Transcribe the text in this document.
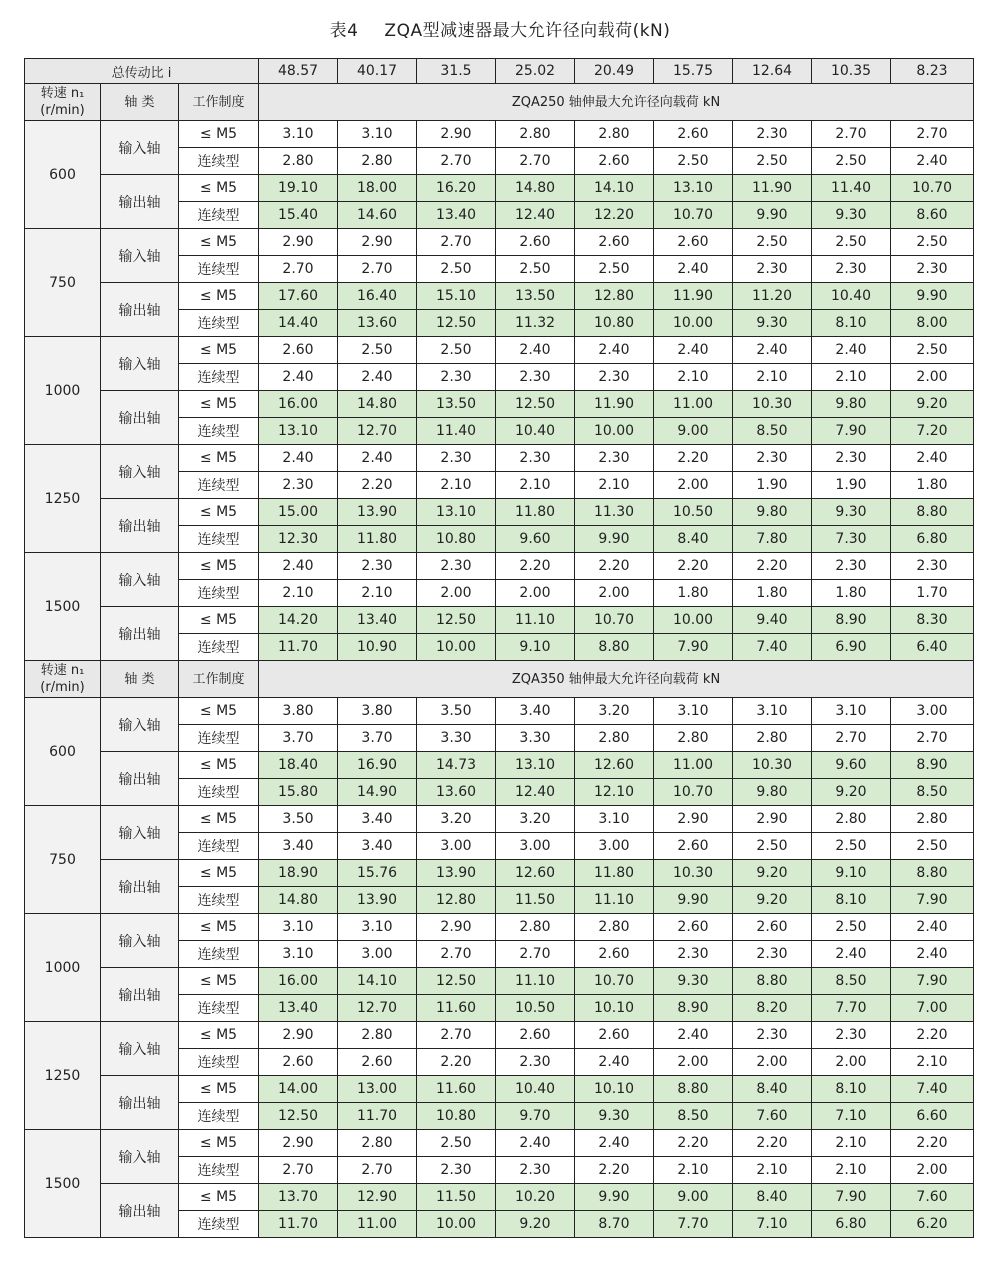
表4 ZQA型减速器最大允许径向载荷(kN)
总传动比 i			48.57	40.17	31.5	25.02	20.49	15.75	12.64	10.35	8.23
转速 n₁
(r/min)	轴 类	工作制度	ZQA250 轴伸最大允许径向载荷 kN								
600	输入轴	≤ M5	3.10	3.10	2.90	2.80	2.80	2.60	2.30	2.70	2.70
		连续型	2.80	2.80	2.70	2.70	2.60	2.50	2.50	2.50	2.40
	输出轴	≤ M5	19.10	18.00	16.20	14.80	14.10	13.10	11.90	11.40	10.70
		连续型	15.40	14.60	13.40	12.40	12.20	10.70	9.90	9.30	8.60
750	输入轴	≤ M5	2.90	2.90	2.70	2.60	2.60	2.60	2.50	2.50	2.50
		连续型	2.70	2.70	2.50	2.50	2.50	2.40	2.30	2.30	2.30
	输出轴	≤ M5	17.60	16.40	15.10	13.50	12.80	11.90	11.20	10.40	9.90
		连续型	14.40	13.60	12.50	11.32	10.80	10.00	9.30	8.10	8.00
1000	输入轴	≤ M5	2.60	2.50	2.50	2.40	2.40	2.40	2.40	2.40	2.50
		连续型	2.40	2.40	2.30	2.30	2.30	2.10	2.10	2.10	2.00
	输出轴	≤ M5	16.00	14.80	13.50	12.50	11.90	11.00	10.30	9.80	9.20
		连续型	13.10	12.70	11.40	10.40	10.00	9.00	8.50	7.90	7.20
1250	输入轴	≤ M5	2.40	2.40	2.30	2.30	2.30	2.20	2.30	2.30	2.40
		连续型	2.30	2.20	2.10	2.10	2.10	2.00	1.90	1.90	1.80
	输出轴	≤ M5	15.00	13.90	13.10	11.80	11.30	10.50	9.80	9.30	8.80
		连续型	12.30	11.80	10.80	9.60	9.90	8.40	7.80	7.30	6.80
1500	输入轴	≤ M5	2.40	2.30	2.30	2.20	2.20	2.20	2.20	2.30	2.30
		连续型	2.10	2.10	2.00	2.00	2.00	1.80	1.80	1.80	1.70
	输出轴	≤ M5	14.20	13.40	12.50	11.10	10.70	10.00	9.40	8.90	8.30
		连续型	11.70	10.90	10.00	9.10	8.80	7.90	7.40	6.90	6.40
转速 n₁
(r/min)	轴 类	工作制度	ZQA350 轴伸最大允许径向载荷 kN								
600	输入轴	≤ M5	3.80	3.80	3.50	3.40	3.20	3.10	3.10	3.10	3.00
		连续型	3.70	3.70	3.30	3.30	2.80	2.80	2.80	2.70	2.70
	输出轴	≤ M5	18.40	16.90	14.73	13.10	12.60	11.00	10.30	9.60	8.90
		连续型	15.80	14.90	13.60	12.40	12.10	10.70	9.80	9.20	8.50
750	输入轴	≤ M5	3.50	3.40	3.20	3.20	3.10	2.90	2.90	2.80	2.80
		连续型	3.40	3.40	3.00	3.00	3.00	2.60	2.50	2.50	2.50
	输出轴	≤ M5	18.90	15.76	13.90	12.60	11.80	10.30	9.20	9.10	8.80
		连续型	14.80	13.90	12.80	11.50	11.10	9.90	9.20	8.10	7.90
1000	输入轴	≤ M5	3.10	3.10	2.90	2.80	2.80	2.60	2.60	2.50	2.40
		连续型	3.10	3.00	2.70	2.70	2.60	2.30	2.30	2.40	2.40
	输出轴	≤ M5	16.00	14.10	12.50	11.10	10.70	9.30	8.80	8.50	7.90
		连续型	13.40	12.70	11.60	10.50	10.10	8.90	8.20	7.70	7.00
1250	输入轴	≤ M5	2.90	2.80	2.70	2.60	2.60	2.40	2.30	2.30	2.20
		连续型	2.60	2.60	2.20	2.30	2.40	2.00	2.00	2.00	2.10
	输出轴	≤ M5	14.00	13.00	11.60	10.40	10.10	8.80	8.40	8.10	7.40
		连续型	12.50	11.70	10.80	9.70	9.30	8.50	7.60	7.10	6.60
1500	输入轴	≤ M5	2.90	2.80	2.50	2.40	2.40	2.20	2.20	2.10	2.20
		连续型	2.70	2.70	2.30	2.30	2.20	2.10	2.10	2.10	2.00
	输出轴	≤ M5	13.70	12.90	11.50	10.20	9.90	9.00	8.40	7.90	7.60
		连续型	11.70	11.00	10.00	9.20	8.70	7.70	7.10	6.80	6.20
